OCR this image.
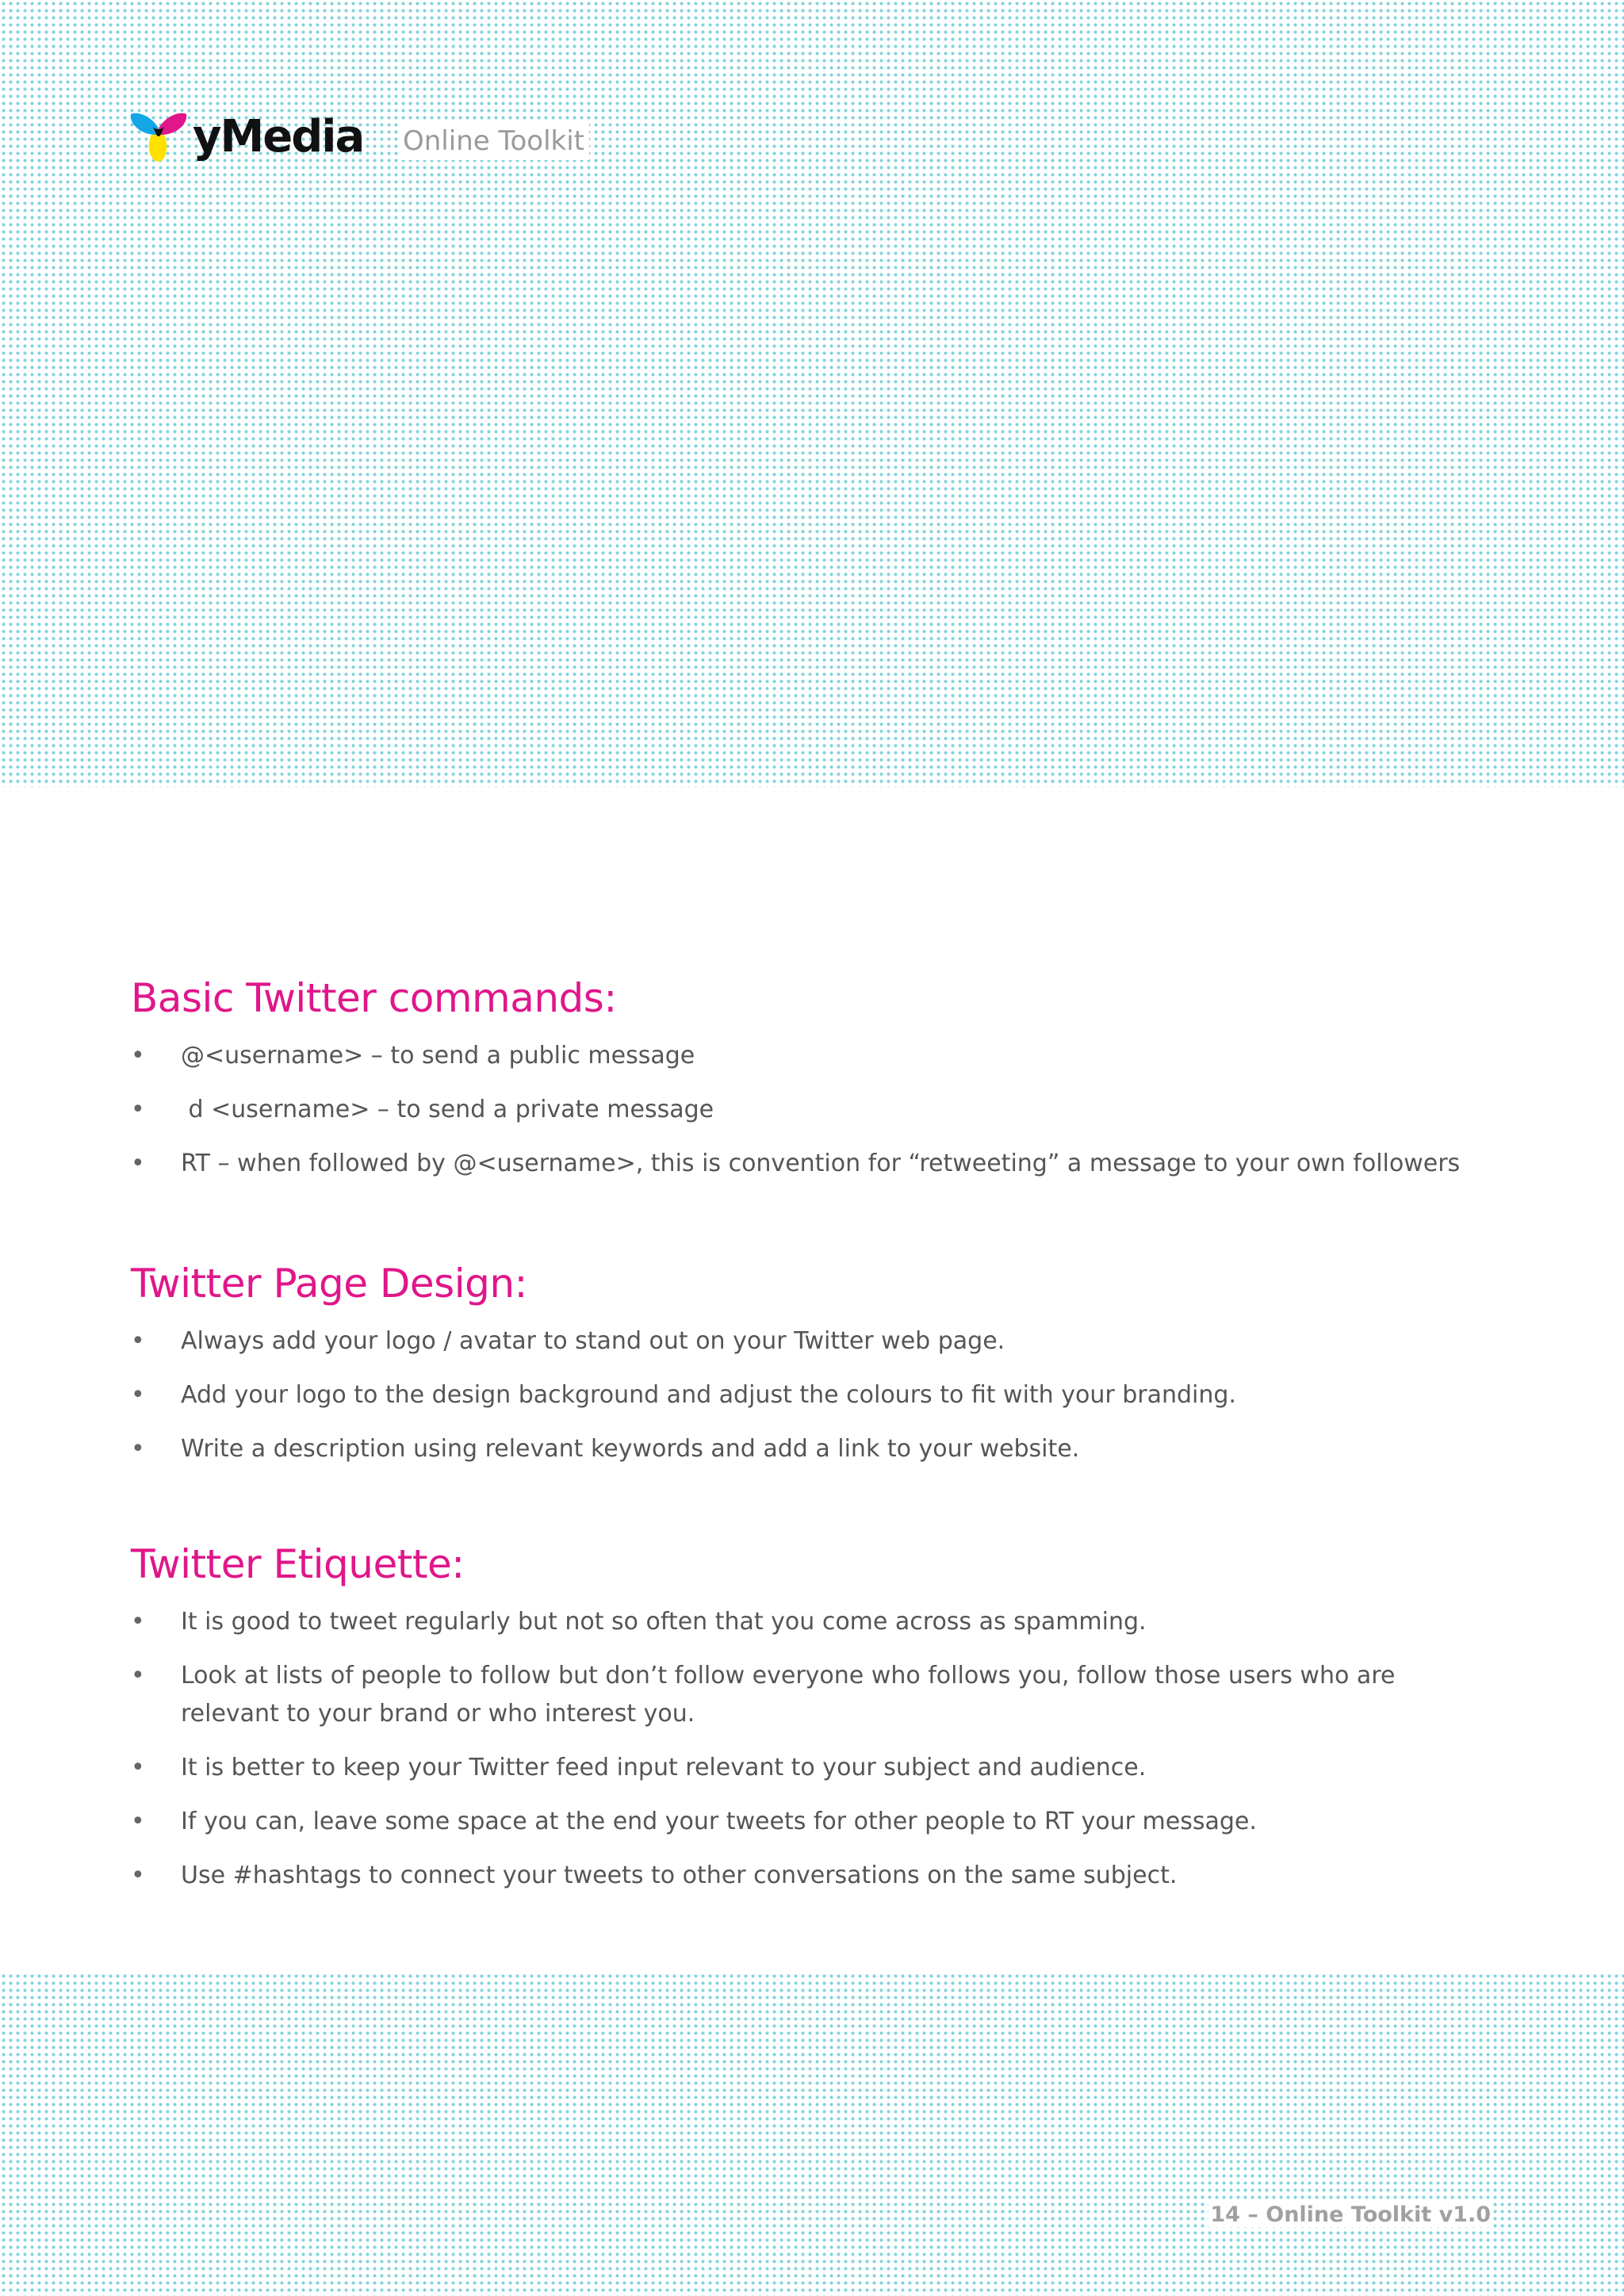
yMedia Online Toolkit
Basic Twitter commands:
• @<username> – to send a public message
• d <username> – to send a private message
• RT – when followed by @<username>, this is convention for “retweeting” a message to your own followers
Twitter Page Design:
• Always add your logo / avatar to stand out on your Twitter web page.
• Add your logo to the design background and adjust the colours to fit with your branding.
• Write a description using relevant keywords and add a link to your website.
Twitter Etiquette:
• It is good to tweet regularly but not so often that you come across as spamming.
• Look at lists of people to follow but don’t follow everyone who follows you, follow those users who are relevant to your brand or who interest you.
• It is better to keep your Twitter feed input relevant to your subject and audience.
• If you can, leave some space at the end your tweets for other people to RT your message.
• Use #hashtags to connect your tweets to other conversations on the same subject.
14 – Online Toolkit v1.0
